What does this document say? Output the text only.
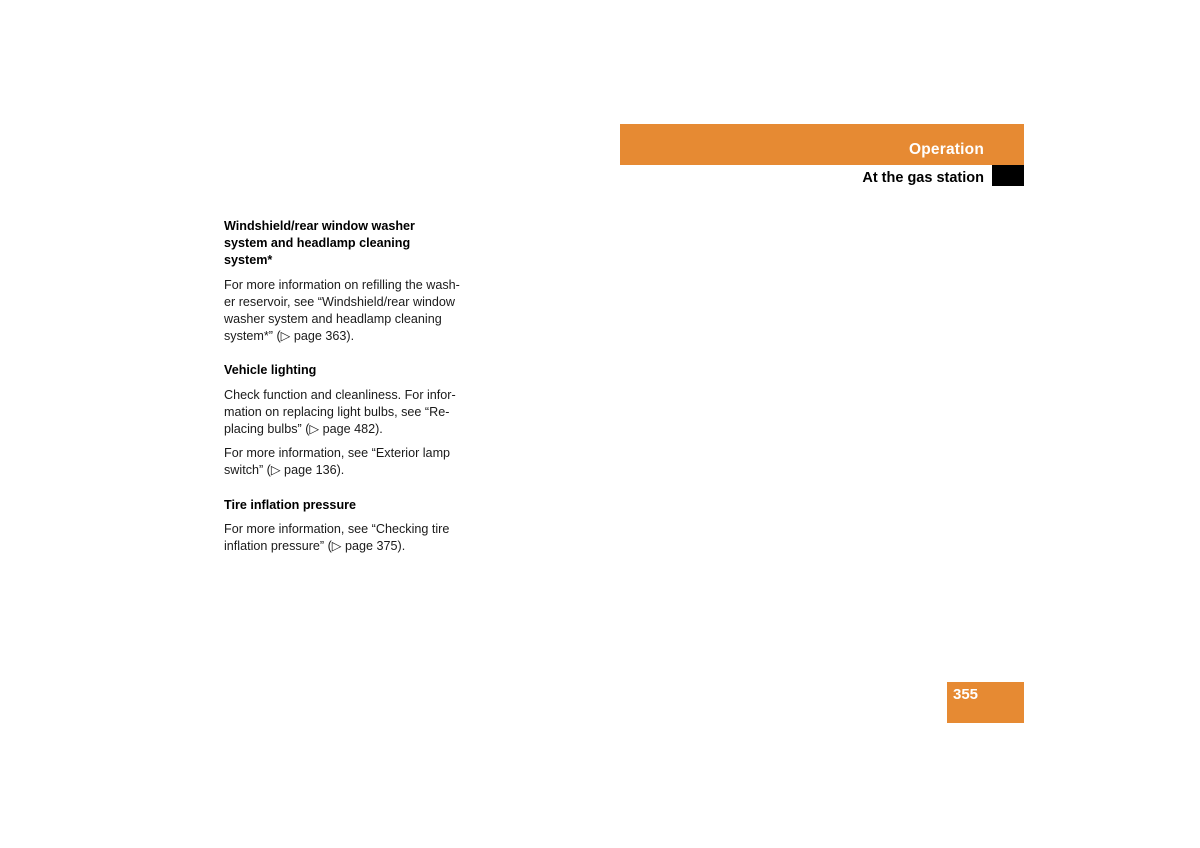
Operation
At the gas station
Windshield/rear window washer
system and headlamp cleaning
system*

For more information on refilling the wash-
er reservoir, see “Windshield/rear window
washer system and headlamp cleaning
system*” (▷ page 363).

Vehicle lighting

Check function and cleanliness. For infor-
mation on replacing light bulbs, see “Re-
placing bulbs” (▷ page 482).

For more information, see “Exterior lamp
switch” (▷ page 136).

Tire inflation pressure

For more information, see “Checking tire
inflation pressure” (▷ page 375).

355
